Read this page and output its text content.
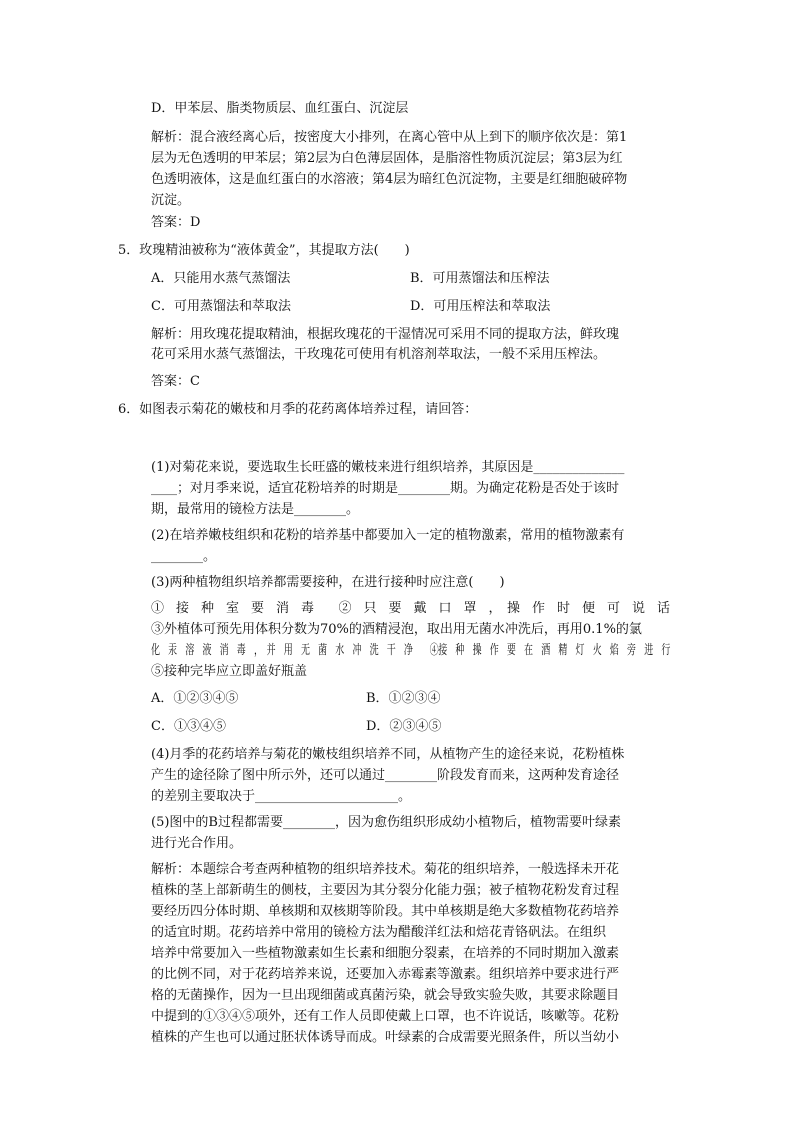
D．甲苯层、脂类物质层、血红蛋白、沉淀层
解析：混合液经离心后，按密度大小排列，在离心管中从上到下的顺序依次是：第1
层为无色透明的甲苯层；第2层为白色薄层固体，是脂溶性物质沉淀层；第3层为红
色透明液体，这是血红蛋白的水溶液；第4层为暗红色沉淀物，主要是红细胞破碎物
沉淀。
答案：D
5．玫瑰精油被称为“液体黄金”，其提取方法(　　)
A．只能用水蒸气蒸馏法	B．可用蒸馏法和压榨法
C．可用蒸馏法和萃取法	D．可用压榨法和萃取法
解析：用玫瑰花提取精油，根据玫瑰花的干湿情况可采用不同的提取方法，鲜玫瑰
花可采用水蒸气蒸馏法，干玫瑰花可使用有机溶剂萃取法，一般不采用压榨法。
答案：C
6．如图表示菊花的嫩枝和月季的花药离体培养过程，请回答：
(1)对菊花来说，要选取生长旺盛的嫩枝来进行组织培养，其原因是______________
____；对月季来说，适宜花粉培养的时期是________期。为确定花粉是否处于该时
期，最常用的镜检方法是________。
(2)在培养嫩枝组织和花粉的培养基中都要加入一定的植物激素，常用的植物激素有
________。
(3)两种植物组织培养都需要接种，在进行接种时应注意(　　)
①　接　种　室　要　消　毒　　②　只　要　戴　口　罩　，　操　作　时　便　可　说　话
③外植体可预先用体积分数为70%的酒精浸泡，取出用无菌水冲洗后，再用0.1%的氯
化　汞　溶　液　消　毒　，　并　用　无　菌　水　冲　洗　干　净　　④接　种　操　作　要　在　酒　精　灯　火　焰　旁　进　行
⑤接种完毕应立即盖好瓶盖
A．①②③④⑤	B．①②③④
C．①③④⑤	D．②③④⑤
(4)月季的花药培养与菊花的嫩枝组织培养不同，从植物产生的途径来说，花粉植株
产生的途径除了图中所示外，还可以通过________阶段发育而来，这两种发育途径
的差别主要取决于______________________。
(5)图中的B过程都需要________，因为愈伤组织形成幼小植物后，植物需要叶绿素
进行光合作用。
解析：本题综合考查两种植物的组织培养技术。菊花的组织培养，一般选择未开花
植株的茎上部新萌生的侧枝，主要因为其分裂分化能力强；被子植物花粉发育过程
要经历四分体时期、单核期和双核期等阶段。其中单核期是绝大多数植物花药培养
的适宜时期。花药培养中常用的镜检方法为醋酸洋红法和焙花青铬矾法。在组织
培养中常要加入一些植物激素如生长素和细胞分裂素，在培养的不同时期加入激素
的比例不同，对于花药培养来说，还要加入赤霉素等激素。组织培养中要求进行严
格的无菌操作，因为一旦出现细菌或真菌污染，就会导致实验失败，其要求除题目
中提到的①③④⑤项外，还有工作人员即使戴上口罩，也不许说话，咳嗽等。花粉
植株的产生也可以通过胚状体诱导而成。叶绿素的合成需要光照条件，所以当幼小
